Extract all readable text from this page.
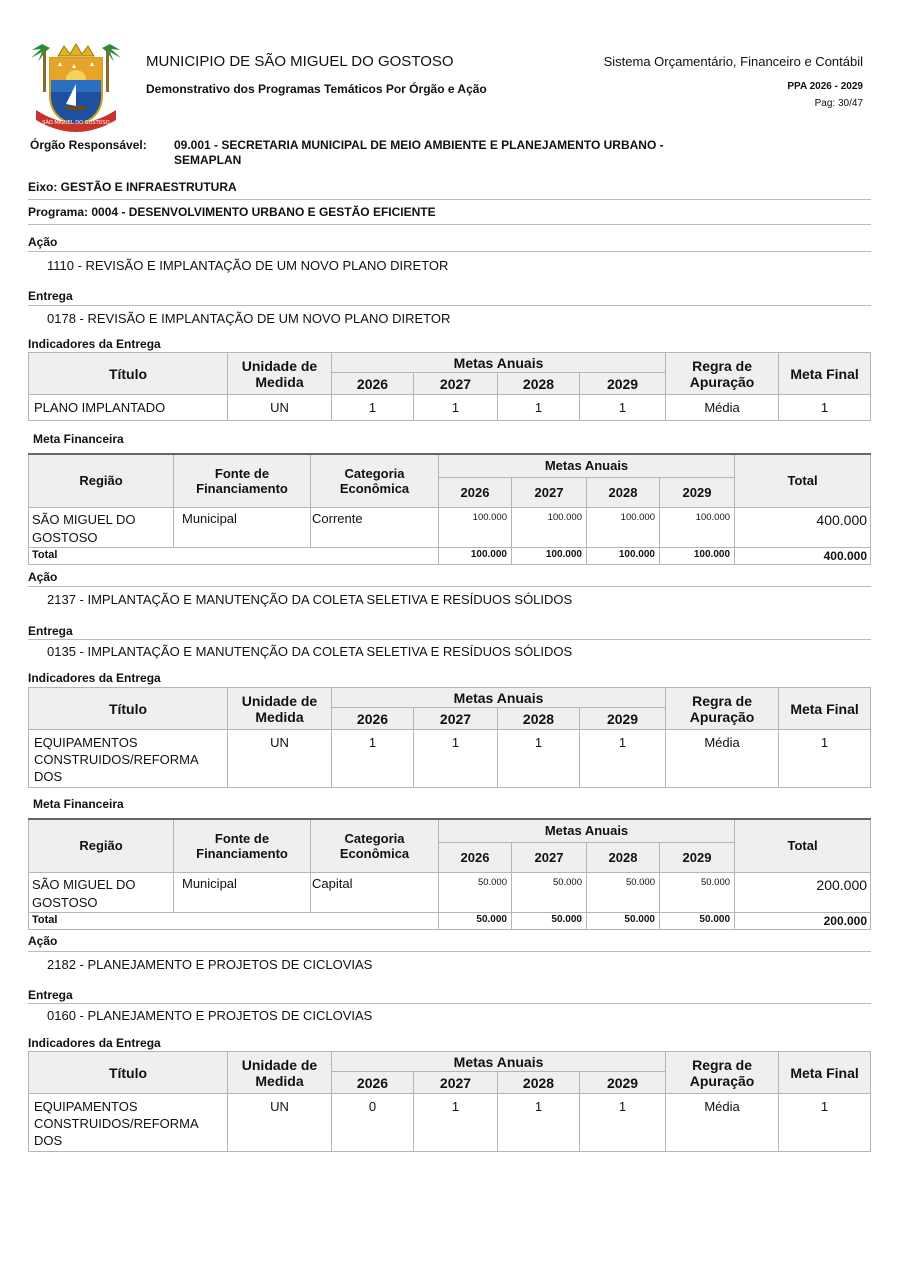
SÃO MIGUEL DO GOSTOSO
MUNICIPIO DE SÃO MIGUEL DO GOSTOSO
Demonstrativo dos Programas Temáticos Por Órgão e Ação
Sistema Orçamentário, Financeiro e Contábil
PPA 2026 - 2029
Pag: 30/47
Órgão Responsável: 09.001 - SECRETARIA MUNICIPAL DE MEIO AMBIENTE E PLANEJAMENTO URBANO - SEMAPLAN
Eixo: GESTÃO E INFRAESTRUTURA
Programa: 0004 - DESENVOLVIMENTO URBANO E GESTÃO EFICIENTE
Ação
1110 - REVISÃO E IMPLANTAÇÃO DE UM NOVO PLANO DIRETOR
Entrega
0178 - REVISÃO E IMPLANTAÇÃO DE UM NOVO PLANO DIRETOR
Indicadores da Entrega
Título	Unidade de Medida	Metas Anuais				Regra de Apuração	Meta Final
		2026	2027	2028	2029		
PLANO IMPLANTADO	UN	1	1	1	1	Média	1
Meta Financeira
Região	Fonte de Financiamento	Categoria Econômica	Metas Anuais				Total
			2026	2027	2028	2029	
SÃO MIGUEL DO GOSTOSO	Municipal	Corrente	100.000	100.000	100.000	100.000	400.000
Total			100.000	100.000	100.000	100.000	400.000
Ação
2137 - IMPLANTAÇÃO E MANUTENÇÃO DA COLETA SELETIVA E RESÍDUOS SÓLIDOS
Entrega
0135 - IMPLANTAÇÃO E MANUTENÇÃO DA COLETA SELETIVA E RESÍDUOS SÓLIDOS
Indicadores da Entrega
Título	Unidade de Medida	Metas Anuais				Regra de Apuração	Meta Final
		2026	2027	2028	2029		
EQUIPAMENTOS CONSTRUIDOS/REFORMA DOS	UN	1	1	1	1	Média	1
Meta Financeira
Região	Fonte de Financiamento	Categoria Econômica	Metas Anuais				Total
			2026	2027	2028	2029	
SÃO MIGUEL DO GOSTOSO	Municipal	Capital	50.000	50.000	50.000	50.000	200.000
Total			50.000	50.000	50.000	50.000	200.000
Ação
2182 - PLANEJAMENTO E PROJETOS DE CICLOVIAS
Entrega
0160 - PLANEJAMENTO E PROJETOS DE CICLOVIAS
Indicadores da Entrega
Título	Unidade de Medida	Metas Anuais				Regra de Apuração	Meta Final
		2026	2027	2028	2029		
EQUIPAMENTOS CONSTRUIDOS/REFORMA DOS	UN	0	1	1	1	Média	1
